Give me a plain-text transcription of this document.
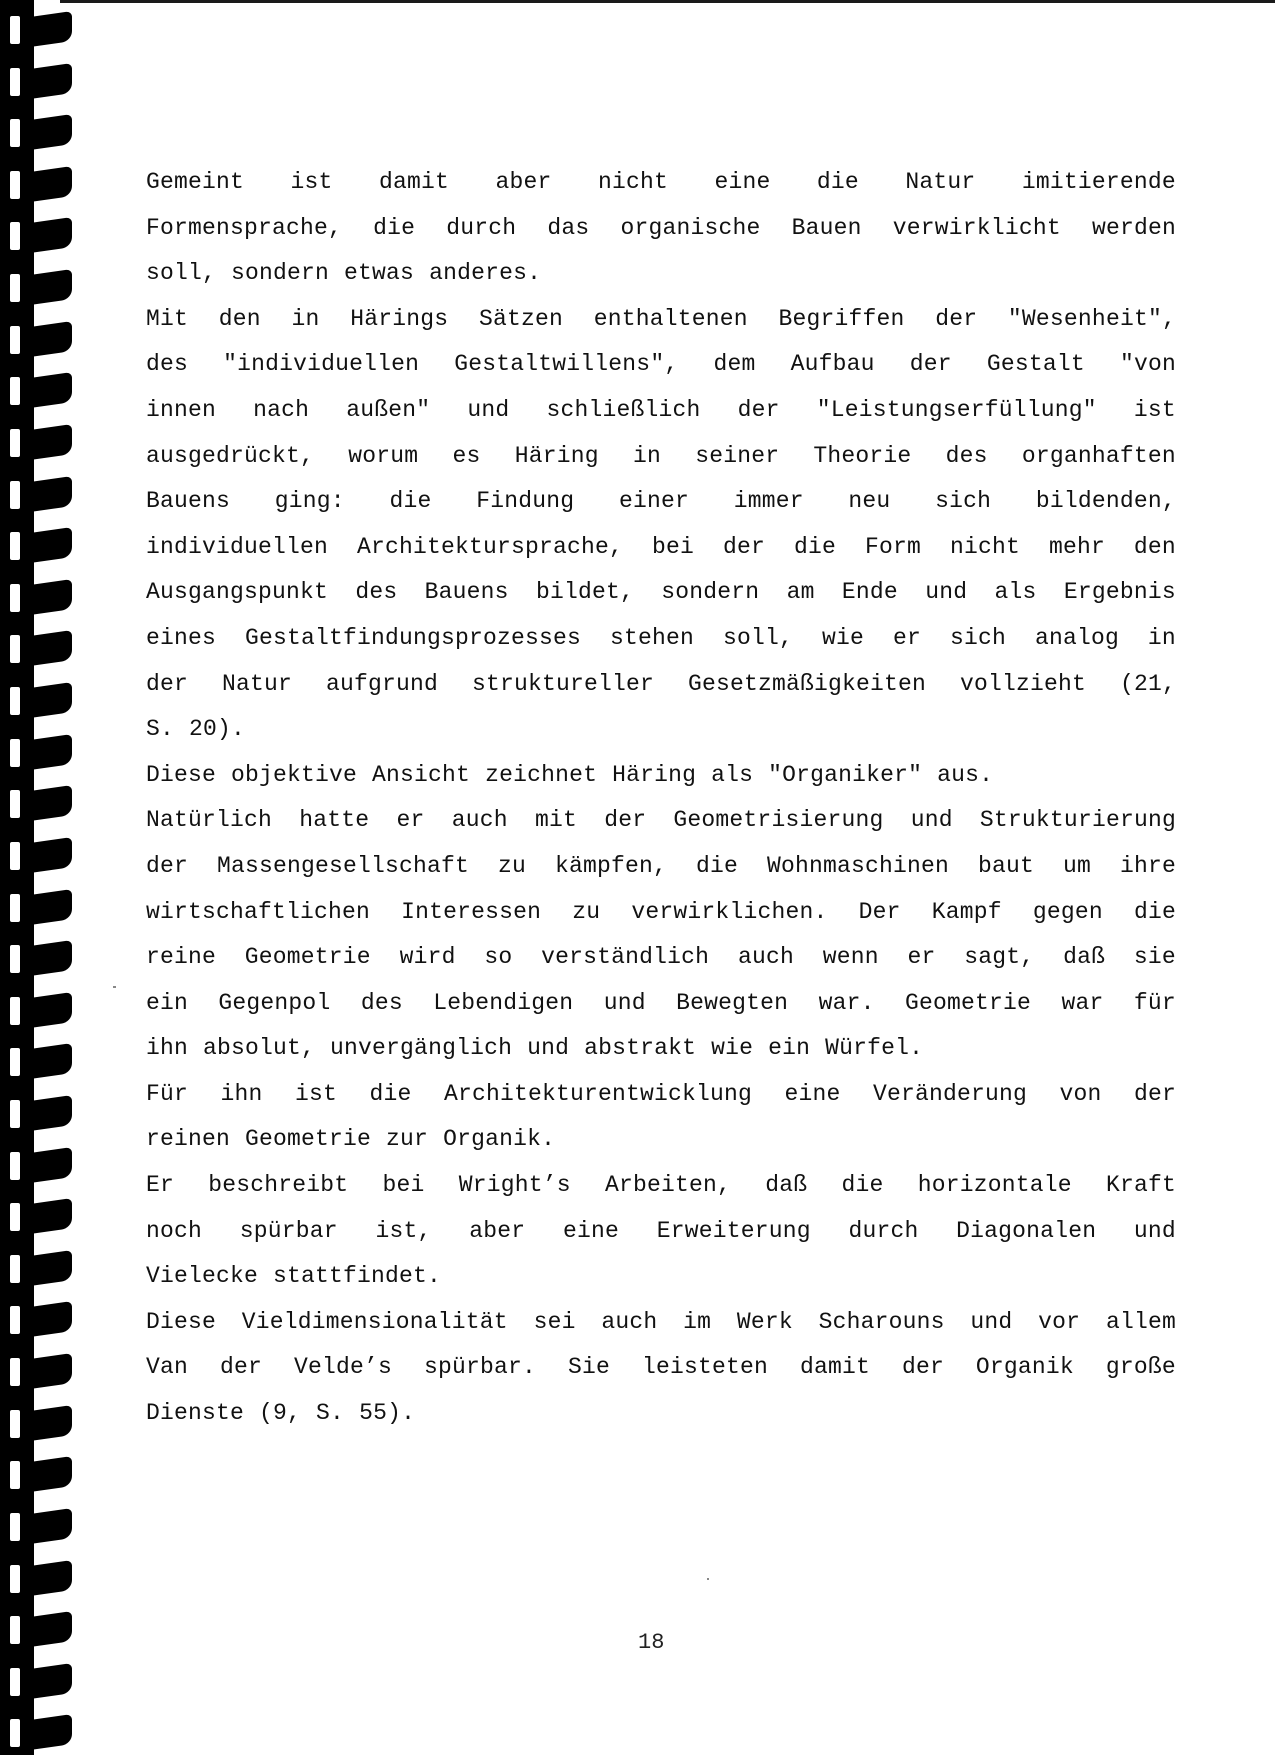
Gemeint ist damit aber nicht eine die Natur imitierende
Formensprache, die durch das organische Bauen verwirklicht werden
soll, sondern etwas anderes.
Mit den in Härings Sätzen enthaltenen Begriffen der "Wesenheit",
des "individuellen Gestaltwillens", dem Aufbau der Gestalt "von
innen nach außen" und schließlich der "Leistungserfüllung" ist
ausgedrückt, worum es Häring in seiner Theorie des organhaften
Bauens ging: die Findung einer immer neu sich bildenden,
individuellen Architektursprache, bei der die Form nicht mehr den
Ausgangspunkt des Bauens bildet, sondern am Ende und als Ergebnis
eines Gestaltfindungsprozesses stehen soll, wie er sich analog in
der Natur aufgrund struktureller Gesetzmäßigkeiten vollzieht (21,
S. 20).
Diese objektive Ansicht zeichnet Häring als "Organiker" aus.
Natürlich hatte er auch mit der Geometrisierung und Strukturierung
der Massengesellschaft zu kämpfen, die Wohnmaschinen baut um ihre
wirtschaftlichen Interessen zu verwirklichen. Der Kampf gegen die
reine Geometrie wird so verständlich auch wenn er sagt, daß sie
ein Gegenpol des Lebendigen und Bewegten war. Geometrie war für
ihn absolut, unvergänglich und abstrakt wie ein Würfel.
Für ihn ist die Architekturentwicklung eine Veränderung von der
reinen Geometrie zur Organik.
Er beschreibt bei Wright’s Arbeiten, daß die horizontale Kraft
noch spürbar ist, aber eine Erweiterung durch Diagonalen und
Vielecke stattfindet.
Diese Vieldimensionalität sei auch im Werk Scharouns und vor allem
Van der Velde’s spürbar. Sie leisteten damit der Organik große
Dienste (9, S. 55).
18
